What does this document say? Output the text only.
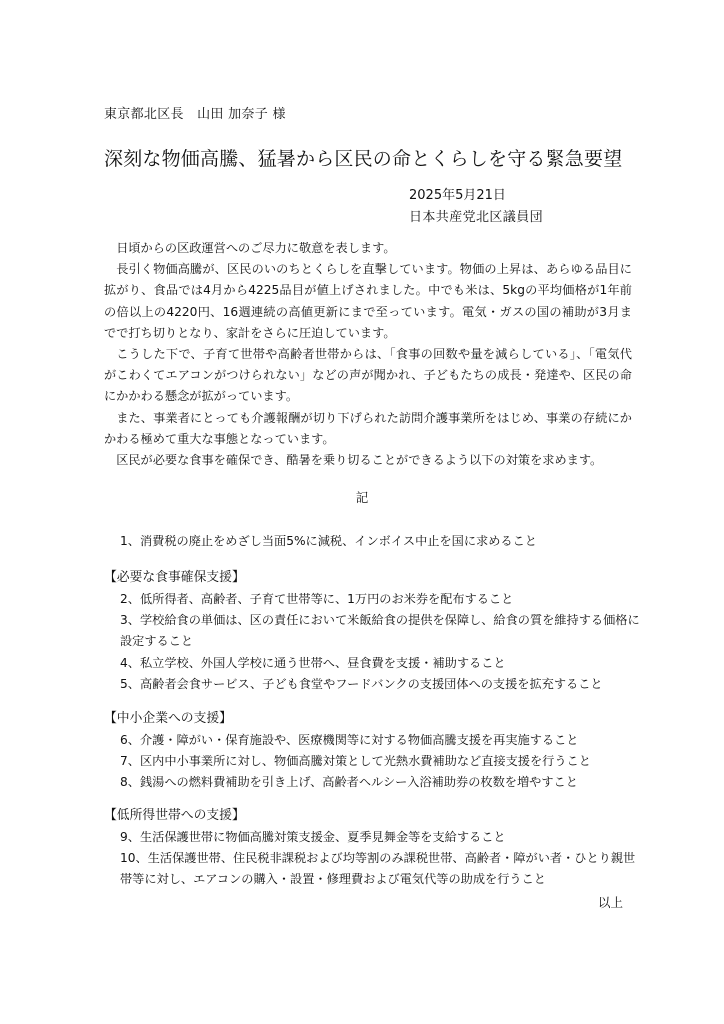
東京都北区長　山田 加奈子 様
深刻な物価高騰、猛暑から区民の命とくらしを守る緊急要望
2025年5月21日
日本共産党北区議員団

日頃からの区政運営へのご尽力に敬意を表します。

長引く物価高騰が、区民のいのちとくらしを直撃しています。物価の上昇は、あらゆる品目に拡がり、食品では4月から4225品目が値上げされました。中でも米は、5kgの平均価格が1年前の倍以上の4220円、16週連続の高値更新にまで至っています。電気・ガスの国の補助が3月までで打ち切りとなり、家計をさらに圧迫しています。

こうした下で、子育て世帯や高齢者世帯からは、「食事の回数や量を減らしている」、「電気代がこわくてエアコンがつけられない」などの声が聞かれ、子どもたちの成長・発達や、区民の命にかかわる懸念が拡がっています。

また、事業者にとっても介護報酬が切り下げられた訪問介護事業所をはじめ、事業の存続にかかわる極めて重大な事態となっています。

区民が必要な食事を確保でき、酷暑を乗り切ることができるよう以下の対策を求めます。

記
1、消費税の廃止をめざし当面5%に減税、インボイス中止を国に求めること

【必要な食事確保支援】

2、低所得者、高齢者、子育て世帯等に、1万円のお米券を配布すること
3、学校給食の単価は、区の責任において米飯給食の提供を保障し、給食の質を維持する価格に設定すること
4、私立学校、外国人学校に通う世帯へ、昼食費を支援・補助すること
5、高齢者会食サービス、子ども食堂やフードバンクの支援団体への支援を拡充すること

【中小企業への支援】

6、介護・障がい・保育施設や、医療機関等に対する物価高騰支援を再実施すること
7、区内中小事業所に対し、物価高騰対策として光熱水費補助など直接支援を行うこと
8、銭湯への燃料費補助を引き上げ、高齢者ヘルシー入浴補助券の枚数を増やすこと

【低所得世帯への支援】

9、生活保護世帯に物価高騰対策支援金、夏季見舞金等を支給すること
10、生活保護世帯、住民税非課税および均等割のみ課税世帯、高齢者・障がい者・ひとり親世帯等に対し、エアコンの購入・設置・修理費および電気代等の助成を行うこと
以上
